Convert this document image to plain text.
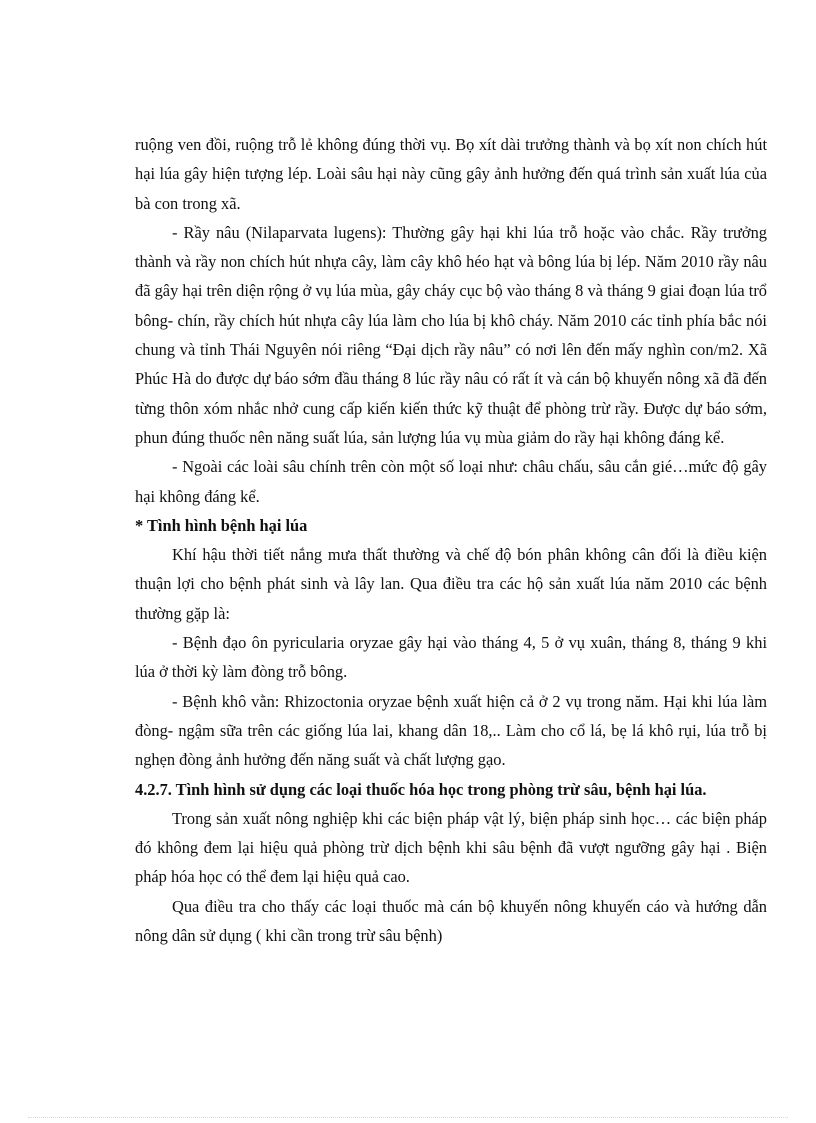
ruộng ven đồi, ruộng trỗ lẻ không đúng thời vụ. Bọ xít dài trưởng thành và bọ xít non chích hút hại lúa gây hiện tượng lép. Loài sâu hại này cũng gây ảnh hưởng đến quá trình sản xuất lúa của bà con trong xã.

- Rầy nâu (Nilaparvata lugens): Thường gây hại khi lúa trỗ hoặc vào chắc. Rầy trưởng thành và rầy non chích hút nhựa cây, làm cây khô héo hạt và bông lúa bị lép. Năm 2010 rầy nâu đã gây hại trên diện rộng ở vụ lúa mùa, gây cháy cục bộ vào tháng 8 và tháng 9 giai đoạn lúa trổ bông- chín, rầy chích hút nhựa cây lúa làm cho lúa bị khô cháy. Năm 2010 các tỉnh phía bắc nói chung và tỉnh Thái Nguyên nói riêng “Đại dịch rầy nâu” có nơi lên đến mấy nghìn con/m2. Xã Phúc Hà do được dự báo sớm đầu tháng 8 lúc rầy nâu có rất ít và cán bộ khuyến nông xã đã đến từng thôn xóm nhắc nhở cung cấp kiến kiến thức kỹ thuật để phòng trừ rầy. Được dự báo sớm, phun đúng thuốc nên năng suất lúa, sản lượng lúa vụ mùa giảm do rầy hại không đáng kể.

- Ngoài các loài sâu chính trên còn một số loại như: châu chấu, sâu cắn gié…mức độ gây hại không đáng kể.

* Tình hình bệnh hại lúa

Khí hậu thời tiết nắng mưa thất thường và chế độ bón phân không cân đối là điều kiện thuận lợi cho bệnh phát sinh và lây lan. Qua điều tra các hộ sản xuất lúa năm 2010 các bệnh thường gặp là:

- Bệnh đạo ôn pyricularia oryzae gây hại vào tháng 4, 5 ở vụ xuân, tháng 8, tháng 9 khi lúa ở thời kỳ làm đòng trỗ bông.

- Bệnh khô vằn: Rhizoctonia oryzae bệnh xuất hiện cả ở 2 vụ trong năm. Hại khi lúa làm đòng- ngậm sữa trên các giống lúa lai, khang dân 18,.. Làm cho cổ lá, bẹ lá khô rụi, lúa trỗ bị nghẹn đòng ảnh hưởng đến năng suất và chất lượng gạo.

4.2.7. Tình hình sử dụng các loại thuốc hóa học trong phòng trừ sâu, bệnh hại lúa.

Trong sản xuất nông nghiệp khi các biện pháp vật lý, biện pháp sinh học… các biện pháp đó không đem lại hiệu quả phòng trừ dịch bệnh khi sâu bệnh đã vượt ngưỡng gây hại . Biện pháp hóa học có thể đem lại hiệu quả cao.

Qua điều tra cho thấy các loại thuốc mà cán bộ khuyến nông khuyến cáo và hướng dẫn nông dân sử dụng ( khi cần trong trừ sâu bệnh)
